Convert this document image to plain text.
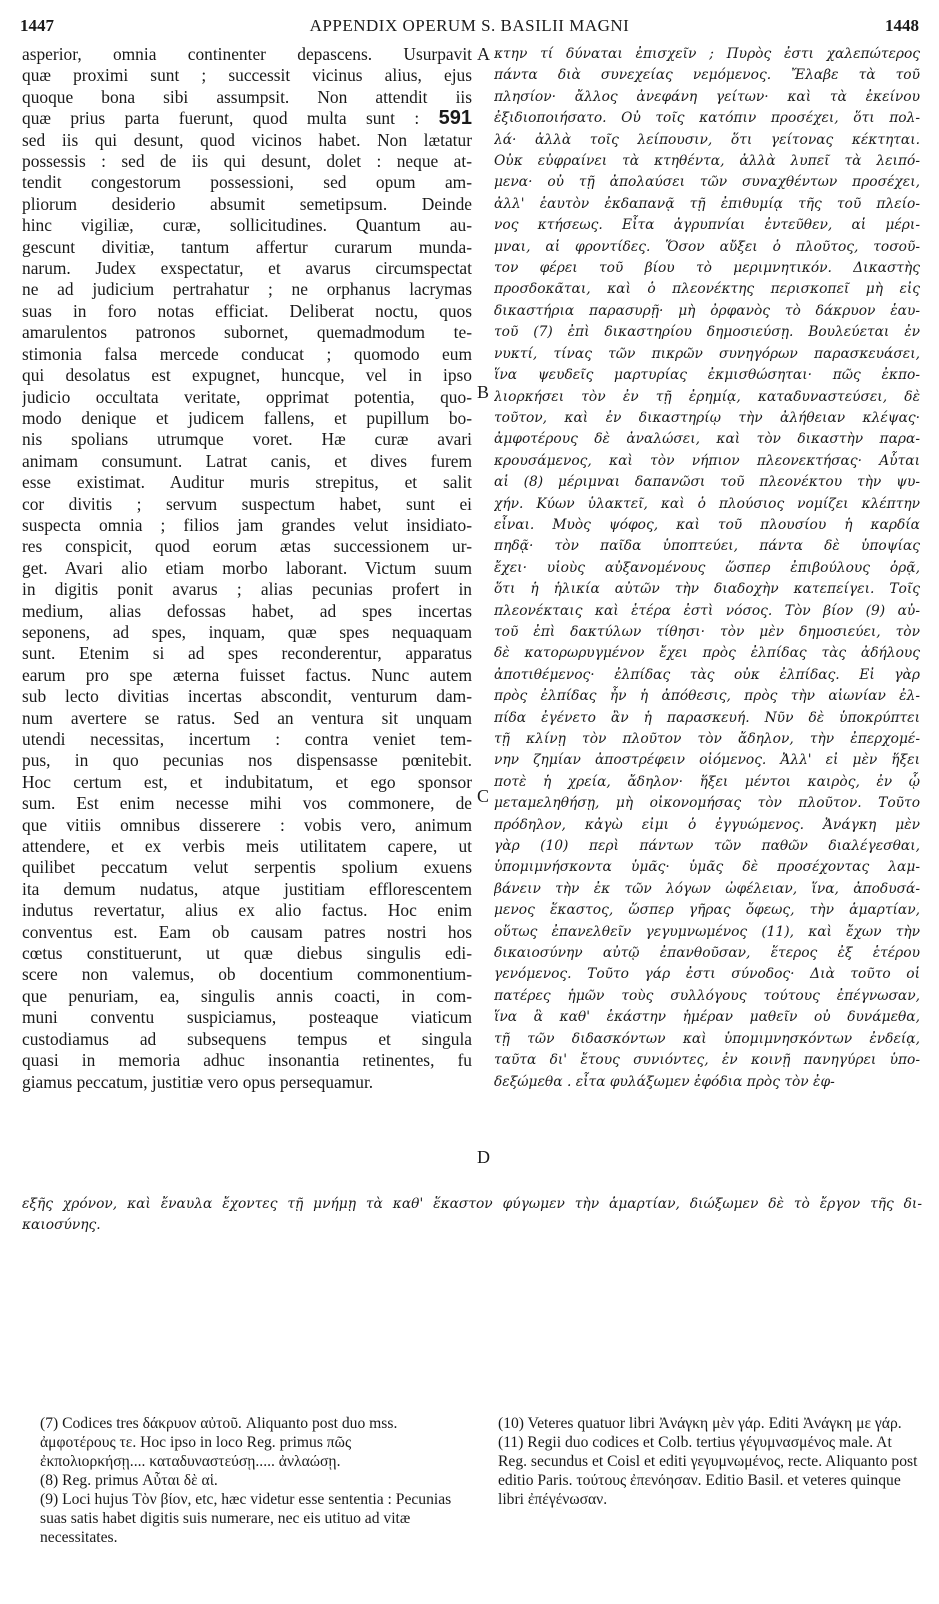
1447	APPENDIX OPERUM S. BASILII MAGNI	1448
asperior, omnia continenter depascens. Usurpavit
quæ proximi sunt ; successit vicinus alius, ejus
quoque bona sibi assumpsit. Non attendit iis
quæ prius parta fuerunt, quod multa sunt : 591
sed iis qui desunt, quod vicinos habet. Non lætatur
possessis : sed de iis qui desunt, dolet : neque at-
tendit congestorum possessioni, sed opum am-
pliorum desiderio absumit semetipsum. Deinde
hinc vigiliæ, curæ, sollicitudines. Quantum au-
gescunt divitiæ, tantum affertur curarum munda-
narum. Judex exspectatur, et avarus circumspectat
ne ad judicium pertrahatur ; ne orphanus lacrymas
suas in foro notas efficiat. Deliberat noctu, quos
amarulentos patronos subornet, quemadmodum te-
stimonia falsa mercede conducat ; quomodo eum
qui desolatus est expugnet, huncque, vel in ipso
judicio occultata veritate, opprimat potentia, quo-
modo denique et judicem fallens, et pupillum bo-
nis spolians utrumque voret. Hæ curæ avari
animam consumunt. Latrat canis, et dives furem
esse existimat. Auditur muris strepitus, et salit
cor divitis ; servum suspectum habet, sunt ei
suspecta omnia ; filios jam grandes velut insidiato-
res conspicit, quod eorum ætas successionem ur-
get. Avari alio etiam morbo laborant. Victum suum
in digitis ponit avarus ; alias pecunias profert in
medium, alias defossas habet, ad spes incertas
seponens, ad spes, inquam, quæ spes nequaquam
sunt. Etenim si ad spes reconderentur, apparatus
earum pro spe æterna fuisset factus. Nunc autem
sub lecto divitias incertas abscondit, venturum dam-
num avertere se ratus. Sed an ventura sit unquam
utendi necessitas, incertum : contra veniet tem-
pus, in quo pecunias nos dispensasse pœnitebit.
Hoc certum est, et indubitatum, et ego sponsor
sum. Est enim necesse mihi vos commonere, de
que vitiis omnibus disserere : vobis vero, animum
attendere, et ex verbis meis utilitatem capere, ut
quilibet peccatum velut serpentis spolium exuens
ita demum nudatus, atque justitiam efflorescentem
indutus revertatur, alius ex alio factus. Hoc enim
conventus est. Eam ob causam patres nostri hos
cœtus constituerunt, ut quæ diebus singulis edi-
scere non valemus, ob docentium commonentium-
que penuriam, ea, singulis annis coacti, in com-
muni conventu suspiciamus, posteaque viaticum
custodiamus ad subsequens tempus et singula
quasi in memoria adhuc insonantia retinentes, fu
giamus peccatum, justitiæ vero opus persequamur.
κτην τί δύναται ἐπισχεῖν ; Πυρὸς ἐστι χαλεπώτερος
πάντα διὰ συνεχείας νεμόμενος. Ἔλαβε τὰ τοῦ
πλησίον· ἄλλος ἀνεφάνη γείτων· καὶ τὰ ἐκείνου
ἐξιδιοποιήσατο. Οὐ τοῖς κατόπιν προσέχει, ὅτι πολ-
λά· ἀλλὰ τοῖς λείπουσιν, ὅτι γείτονας κέκτηται.
Οὐκ εὐφραίνει τὰ κτηθέντα, ἀλλὰ λυπεῖ τὰ λειπό-
μενα· οὐ τῇ ἀπολαύσει τῶν συναχθέντων προσέχει,
ἀλλ' ἑαυτὸν ἐκδαπανᾷ τῇ ἐπιθυμίᾳ τῆς τοῦ πλείο-
νος κτήσεως. Εἶτα ἀγρυπνίαι ἐντεῦθεν, αἱ μέρι-
μναι, αἱ φροντίδες. Ὅσον αὔξει ὁ πλοῦτος, τοσοῦ-
τον φέρει τοῦ βίου τὸ μεριμνητικόν. Δικαστὴς
προσδοκᾶται, καὶ ὁ πλεονέκτης περισκοπεῖ μὴ εἰς
δικαστήρια παρασυρῇ· μὴ ὀρφανὸς τὸ δάκρυον ἑαυ-
τοῦ (7) ἐπὶ δικαστηρίου δημοσιεύσῃ. Βουλεύεται ἐν
νυκτί, τίνας τῶν πικρῶν συνηγόρων παρασκευάσει,
ἵνα ψευδεῖς μαρτυρίας ἐκμισθώσηται· πῶς ἐκπο-
λιορκήσει τὸν ἐν τῇ ἐρημίᾳ, καταδυναστεύσει, δὲ
τοῦτον, καὶ ἐν δικαστηρίῳ τὴν ἀλήθειαν κλέψας·
ἀμφοτέρους δὲ ἀναλώσει, καὶ τὸν δικαστὴν παρα-
κρουσάμενος, καὶ τὸν νήπιον πλεονεκτήσας· Αὗται
αἱ (8) μέριμναι δαπανῶσι τοῦ πλεονέκτου τὴν ψυ-
χήν. Κύων ὑλακτεῖ, καὶ ὁ πλούσιος νομίζει κλέπτην
εἶναι. Μυὸς ψόφος, καὶ τοῦ πλουσίου ἡ καρδία
πηδᾷ· τὸν παῖδα ὑποπτεύει, πάντα δὲ ὑποψίας
ἔχει· υἱοὺς αὐξανομένους ὥσπερ ἐπιβούλους ὁρᾷ,
ὅτι ἡ ἡλικία αὐτῶν τὴν διαδοχὴν κατεπείγει. Τοῖς
πλεονέκταις καὶ ἑτέρα ἐστὶ νόσος. Τὸν βίον (9) αὐ-
τοῦ ἐπὶ δακτύλων τίθησι· τὸν μὲν δημοσιεύει, τὸν
δὲ κατορωρυγμένον ἔχει πρὸς ἐλπίδας τὰς ἀδήλους
ἀποτιθέμενος· ἐλπίδας τὰς οὐκ ἐλπίδας. Εἰ γὰρ
πρὸς ἐλπίδας ἦν ἡ ἀπόθεσις, πρὸς τὴν αἰωνίαν ἐλ-
πίδα ἐγένετο ἂν ἡ παρασκευή. Νῦν δὲ ὑποκρύπτει
τῇ κλίνῃ τὸν πλοῦτον τὸν ἄδηλον, τὴν ἐπερχομέ-
νην ζημίαν ἀποστρέφειν οἰόμενος. Ἀλλ' εἰ μὲν ἥξει
ποτὲ ἡ χρεία, ἄδηλον· ἥξει μέντοι καιρὸς, ἐν ᾧ
μεταμεληθήσῃ, μὴ οἰκονομήσας τὸν πλοῦτον. Τοῦτο
πρόδηλον, κἀγὼ εἰμι ὁ ἐγγυώμενος. Ἀνάγκη μὲν
γὰρ (10) περὶ πάντων τῶν παθῶν διαλέγεσθαι,
ὑπομιμνήσκοντα ὑμᾶς· ὑμᾶς δὲ προσέχοντας λαμ-
βάνειν τὴν ἐκ τῶν λόγων ὠφέλειαν, ἵνα, ἀποδυσά-
μενος ἕκαστος, ὥσπερ γῆρας ὄφεως, τὴν ἁμαρτίαν,
οὕτως ἐπανελθεῖν γεγυμνωμένος (11), καὶ ἔχων τὴν
δικαιοσύνην αὐτῷ ἐπανθοῦσαν, ἕτερος ἐξ ἑτέρου
γενόμενος. Τοῦτο γάρ ἐστι σύνοδος· Διὰ τοῦτο οἱ
πατέρες ἡμῶν τοὺς συλλόγους τούτους ἐπέγνωσαν,
ἵνα ἃ καθ' ἑκάστην ἡμέραν μαθεῖν οὐ δυνάμεθα,
τῇ τῶν διδασκόντων καὶ ὑπομιμνησκόντων ἐνδείᾳ,
ταῦτα δι' ἔτους συνιόντες, ἐν κοινῇ πανηγύρει ὑπο-
δεξώμεθα . εἶτα φυλάξωμεν ἐφόδια πρὸς τὸν ἐφ-
A
B
C
D
εξῆς χρόνον, καὶ ἔναυλα ἔχοντες τῇ μνήμῃ τὰ καθ' ἕκαστον φύγωμεν τὴν ἁμαρτίαν, διώξωμεν δὲ τὸ ἔργον τῆς δι-
καιοσύνης.

(7) Codices tres δάκρυον αὐτοῦ. Aliquanto post duo mss. ἀμφοτέρους τε. Hoc ipso in loco Reg. primus πῶς ἐκπολιορκήσῃ.... καταδυναστεύσῃ..... ἀνλαώσῃ.

(8) Reg. primus Αὗται δὲ αἱ.

(9) Loci hujus Τὸν βίον, etc, hæc videtur esse sententia : Pecunias suas satis habet digitis suis numerare, nec eis utituo ad vitæ necessitates.

(10) Veteres quatuor libri Ἀνάγκη μὲν γάρ. Editi Ἀνάγκη με γάρ.

(11) Regii duo codices et Colb. tertius γέγυμνασμένος male. At Reg. secundus et Coisl et editi γεγυμνωμένος, recte. Aliquanto post editio Paris. τούτους ἐπενόησαν. Editio Basil. et veteres quinque libri ἐπέγένωσαν.
